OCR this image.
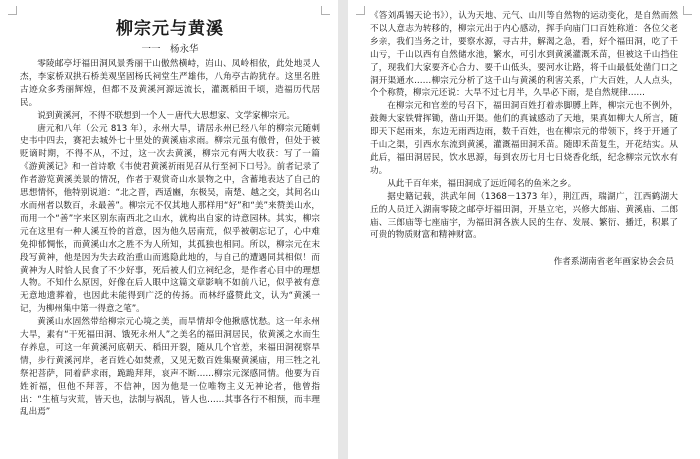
柳宗元与黄溪

一一　杨永华

零陵邮亭圩福田洞风景秀丽干山傲然横峙，岿山、凤岭相依，此处地灵人杰，李家桥双拱石桥美观坚固杨氏祠堂生严雄伟，八角亭古韵犹存。这里名胜古迹众多秀丽辉煌，但都不及黄溪河源远流长，灌溉稻田千顷，造福历代居民。

说到黄溪河，不得不联想到一个人－唐代大思想家、文学家柳宗元。

唐元和八年（公元 813 年），永州大旱，请居永州已经八年的柳宗元随刺史韦中四去，赛祀去城外七十里处的黄溪庙求雨。柳宗元虽有傲骨，但处于被贬谪时期，不得不从，不过，这一次去黄溪，柳宗元有两大收获：写了一篇《游黄溪记》和一首诗歌《韦使君黄溪祈雨见召从行至祠下口号》。前者记录了作者游览黄溪美景的情况，作者于观赏奇山水景物之中，含蓄地表达了自己的思想情怀，他特别说道：“北之晋，西适豳，东极吴，南楚、越之交，其间名山水而州者以数百，永最善”。柳宗元不仅其地人那样用“好”和“美”来赞美山水，而用一个“善”字来区别东南西北之山水，就构出自家的诗意园林。其实，柳宗元在这里有一种人溪互怜的首意，因为他久居南荒，似乎被朝忘记了，心中难免抑郁惆怅，而黄溪山水之胜不为人所知，其孤独也相同。所以，柳宗元在末段写黄神，他是因为失去政治重山而逃隐此地的，与自己的遭遇同其相似！而黄神为人时恰人民食了不少好事，死后被人们立祠纪念，是作者心目中的理想人物。不知什么原因，好像在后人眼中这篇文章影响不如前八记，似乎被有意无意地遗葬着，也因此未能得到广泛的传扬。而林纾盛赞此文，认为“黄溪一记，为柳州集中第一得意之笔”。

黄溪山水固然带给柳宗元心境之美，而旱情却令他揪感忧愁。这一年永州大旱，素有“干死福田洞、饿死永州人”之美名的福田洞居民，依黄溪之水而生存养息，可这一年黄溪河底朝天、稻田开裂，随从几个官差，来福田洞视察旱情，步行黄溪河岸，老百姓心如焚煮，又见无数百姓集聚黄溪庙，用三牲之礼祭祀菩萨，同着萨求雨，跪跪拜拜，哀声不断……柳宗元深感同情。他要为百姓祈福，但他不拜菩，不信神，因为他是一位唯物主义无神论者，他曾指出：“生植与灾荒，皆天也，法制与祸乱，皆人也……其事各行不相预，而丰理乱出焉”

《答刘禹锡天论书》），认为天地、元气、山川等自然物的运动变化，是自然而然不以人意志为转移的，柳宗元出于内心感动，挥手向庙门口百姓称道：各位父老乡亲，我们当务之计，要察水源，寻古井，解渴之急，看，好个福田洞，吃了千山亏，千山以西有自然储水池，繁水，可引水到黄溪灌溉禾苗，但被这千山挡住了，现我们大家要齐心合力、要千山低头，要河水让路，将千山最低处凿门口之洞开渠通水……柳宗元分析了这千山与黄溪的利害关系，广大百姓，人人点头，个个称赞，柳宗元还说：大旱不过七月半，久旱必下雨，是自然规律……

在柳宗元和官差的号召下，福田洞百姓打着赤脚膊上阵，柳宗元也不例外，鼓舞大家铁臂挥锄，凿山开渠。他们的真诚感动了天地，果真如柳大人所言，随即天下起雨来，东边无雨西边雨，数千百姓，也在柳宗元的带领下，终于开通了千山之渠，引西水东流到黄溪，灌溉福田洞禾苗。随即禾苗复生，开花结实。从此后，福田洞居民，饮水思源，每到农历七月七日烧香化纸，纪念柳宗元饮水有功。

从此千百年来，福田洞成了远近闻名的鱼米之乡。

据史籍记载，洪武年间（1368－1373 年），荆江西，瑞湖广，江西鹤湖大丘的人员迁入湖南零陵之邮亭圩福田洞，开垦立宅，兴修大郎庙、黄溪庙、二郎庙、三郎庙等七座庙宇，为福田洞各族人民的生存、发展、繁衍、播迁，积累了可贵的物质财富和精神财富。

作者系湖南省老年画家协会会员
